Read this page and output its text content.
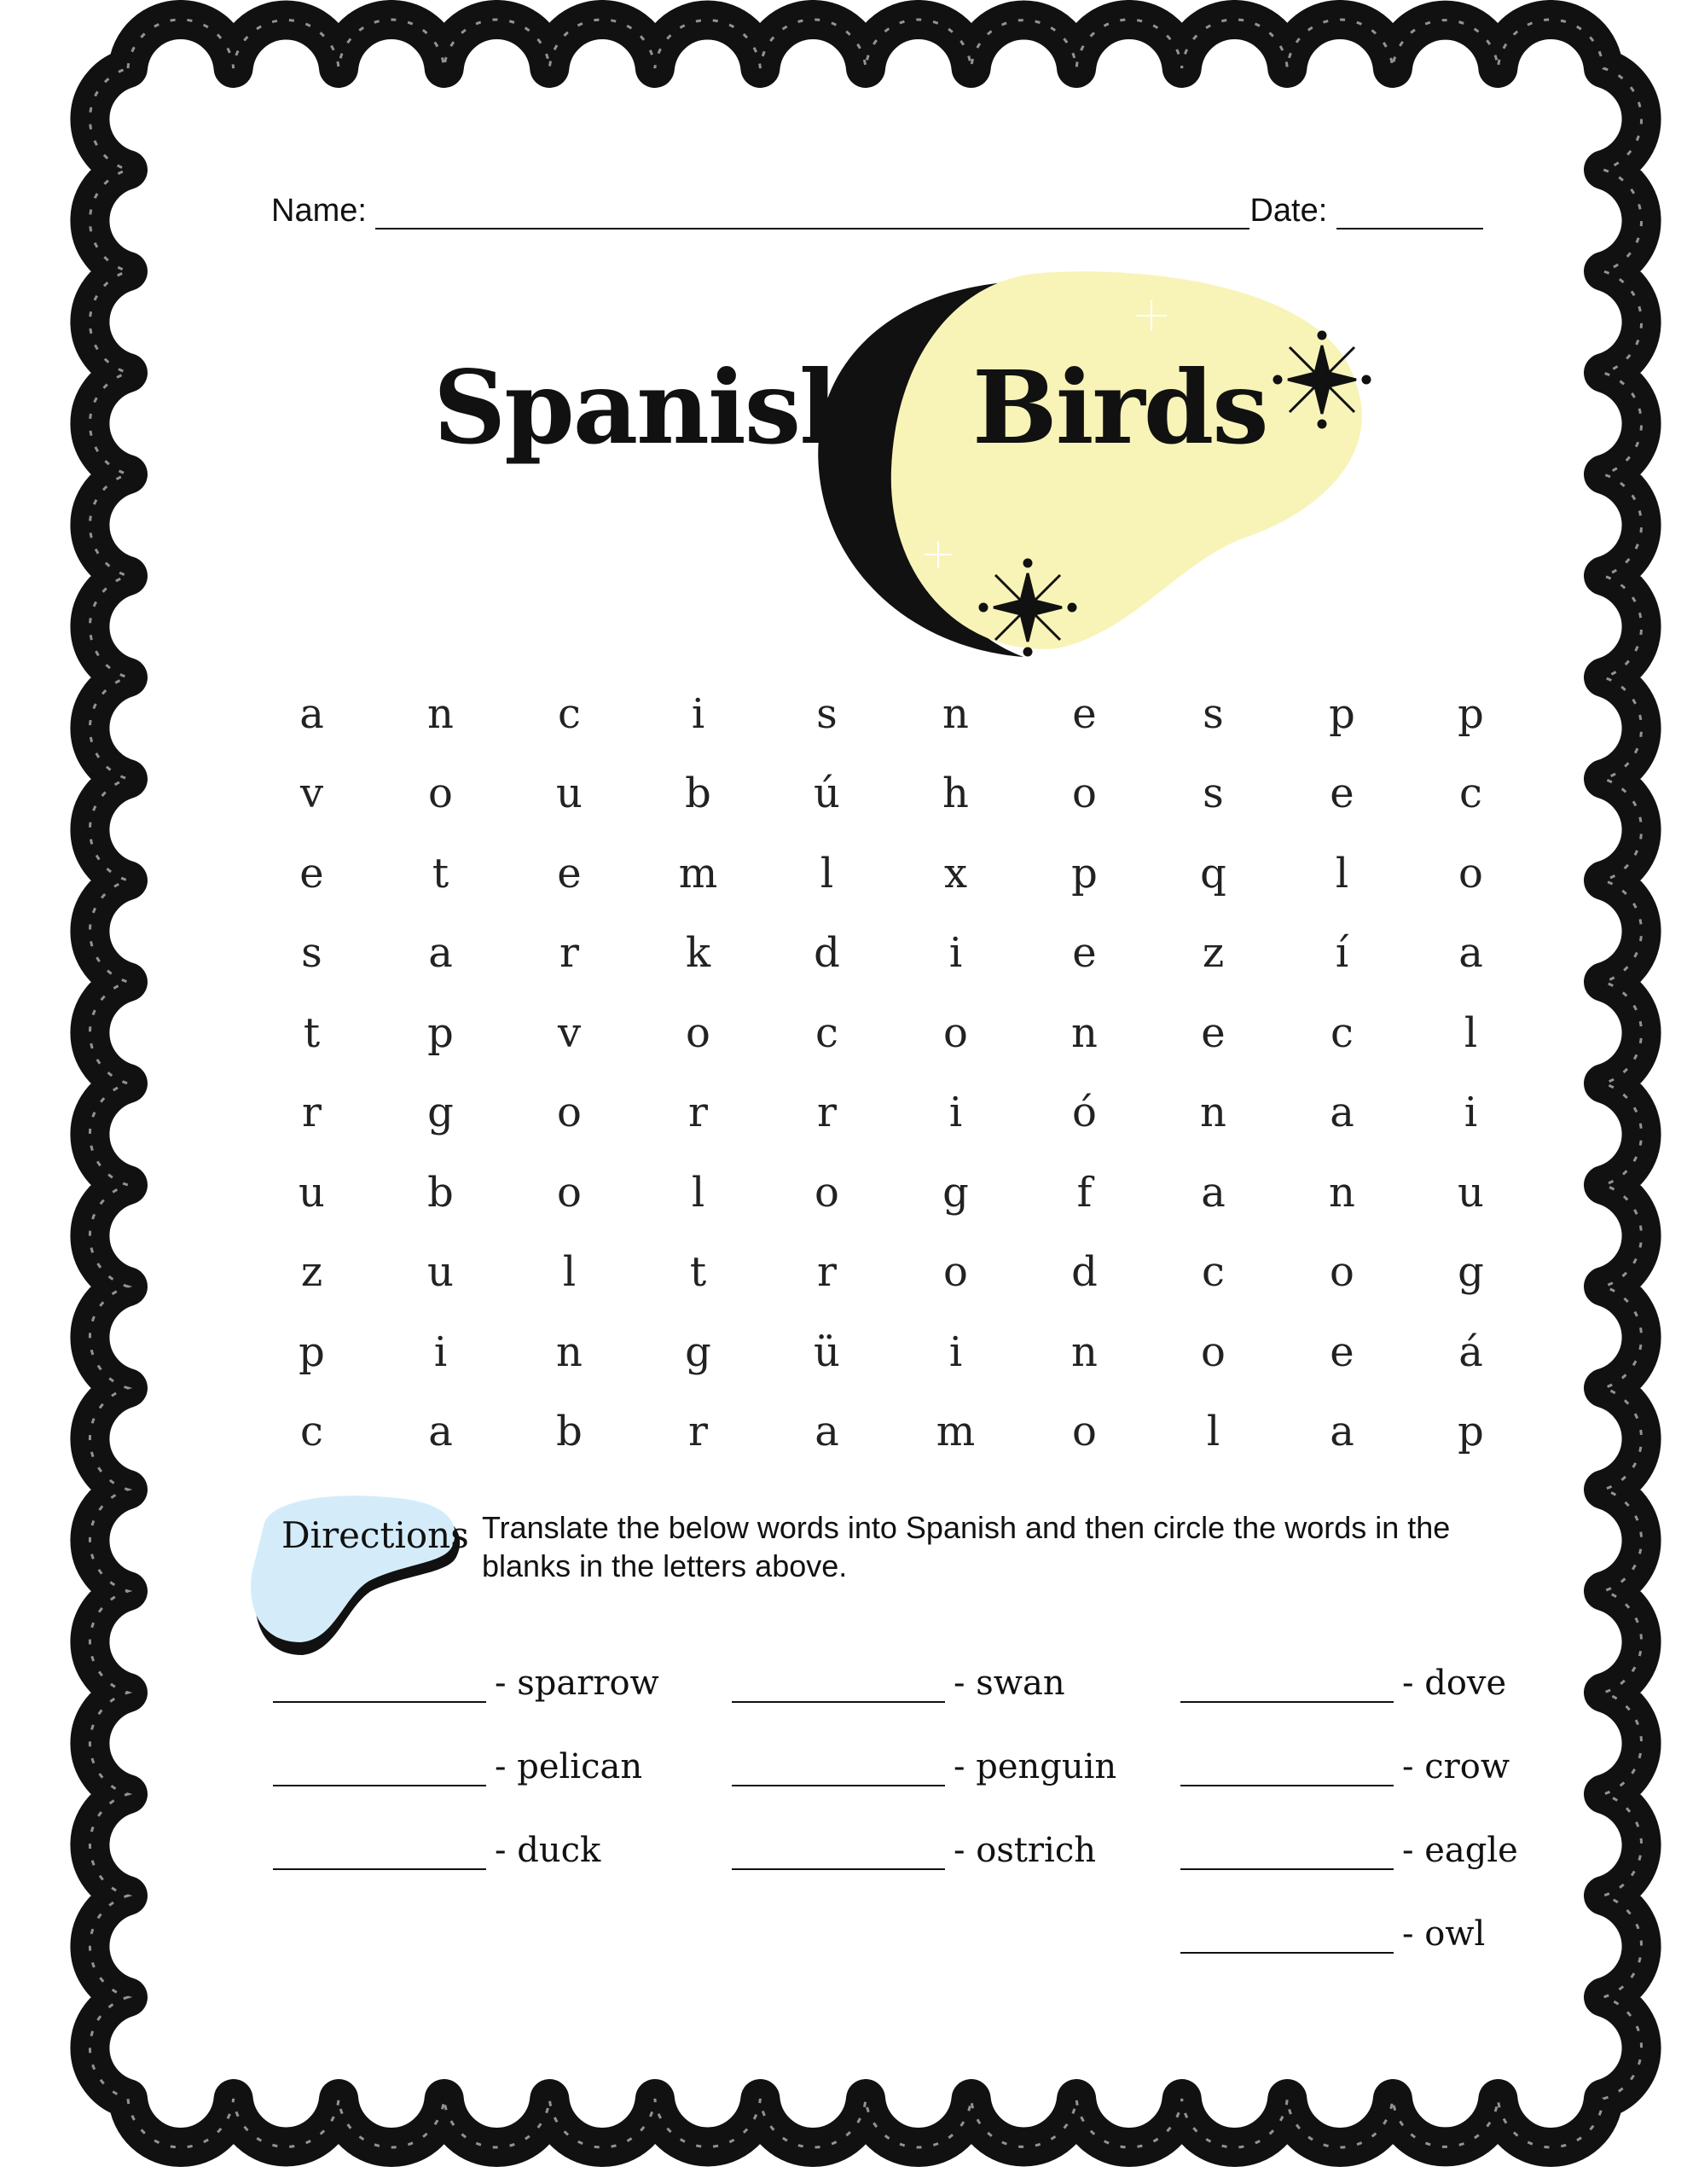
Name:	Date:
Spanish Birds
a	n	c	i	s	n	e	s	p	p
v	o	u	b	ú	h	o	s	e	c
e	t	e	m	l	x	p	q	l	o
s	a	r	k	d	i	e	z	í	a
t	p	v	o	c	o	n	e	c	l
r	g	o	r	r	i	ó	n	a	i
u	b	o	l	o	g	f	a	n	u
z	u	l	t	r	o	d	c	o	g
p	i	n	g	ü	i	n	o	e	á
c	a	b	r	a	m	o	l	a	p
Directions Translate the below words into Spanish and then circle the words in the blanks in the letters above.
- sparrow
- pelican
- duck
- swan
- penguin
- ostrich
- dove
- crow
- eagle
- owl
